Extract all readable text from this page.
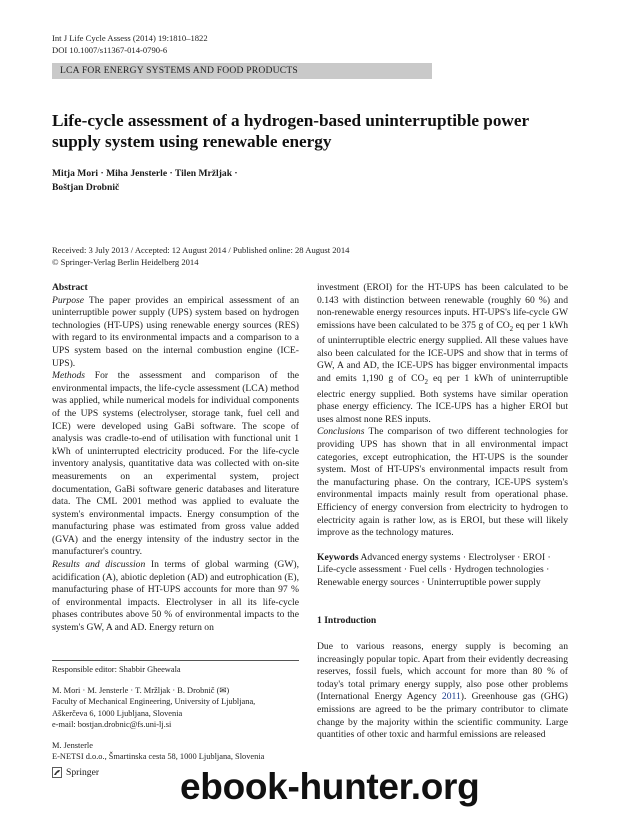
Int J Life Cycle Assess (2014) 19:1810–1822
DOI 10.1007/s11367-014-0790-6
LCA FOR ENERGY SYSTEMS AND FOOD PRODUCTS
Life-cycle assessment of a hydrogen-based uninterruptible power supply system using renewable energy
Mitja Mori · Miha Jensterle · Tilen Mržljak ·
Boštjan Drobnič
Received: 3 July 2013 / Accepted: 12 August 2014 / Published online: 28 August 2014
© Springer-Verlag Berlin Heidelberg 2014

Abstract

Purpose The paper provides an empirical assessment of an uninterruptible power supply (UPS) system based on hydrogen technologies (HT-UPS) using renewable energy sources (RES) with regard to its environmental impacts and a comparison to a UPS system based on the internal combustion engine (ICE-UPS).

Methods For the assessment and comparison of the environmental impacts, the life-cycle assessment (LCA) method was applied, while numerical models for individual components of the UPS systems (electrolyser, storage tank, fuel cell and ICE) were developed using GaBi software. The scope of analysis was cradle-to-end of utilisation with functional unit 1 kWh of uninterrupted electricity produced. For the life-cycle inventory analysis, quantitative data was collected with on-site measurements on an experimental system, project documentation, GaBi software generic databases and literature data. The CML 2001 method was applied to evaluate the system's environmental impacts. Energy consumption of the manufacturing phase was estimated from gross value added (GVA) and the energy intensity of the industry sector in the manufacturer's country.

Results and discussion In terms of global warming (GW), acidification (A), abiotic depletion (AD) and eutrophication (E), manufacturing phase of HT-UPS accounts for more than 97 % of environmental impacts. Electrolyser in all its life-cycle phases contributes above 50 % of environmental impacts to the system's GW, A and AD. Energy return on

investment (EROI) for the HT-UPS has been calculated to be 0.143 with distinction between renewable (roughly 60 %) and non-renewable energy resources inputs. HT-UPS's life-cycle GW emissions have been calculated to be 375 g of $CO_2$ eq per 1 kWh of uninterruptible electric energy supplied. All these values have also been calculated for the ICE-UPS and show that in terms of GW, A and AD, the ICE-UPS has bigger environmental impacts and emits 1,190 g of $CO_2$ eq per 1 kWh of uninterruptible electric energy supplied. Both systems have similar operation phase energy efficiency. The ICE-UPS has a higher EROI but uses almost none RES inputs.

Conclusions The comparison of two different technologies for providing UPS has shown that in all environmental impact categories, except eutrophication, the HT-UPS is the sounder system. Most of HT-UPS's environmental impacts result from the manufacturing phase. On the contrary, ICE-UPS system's environmental impacts mainly result from operational phase. Efficiency of energy conversion from electricity to hydrogen to electricity again is rather low, as is EROI, but these will likely improve as the technology matures.

Keywords Advanced energy systems · Electrolyser · EROI · Life-cycle assessment · Fuel cells · Hydrogen technologies · Renewable energy sources · Uninterruptible power supply

1 Introduction

Due to various reasons, energy supply is becoming an increasingly popular topic. Apart from their evidently decreasing reserves, fossil fuels, which account for more than 80 % of today's total primary energy supply, also pose other problems (International Energy Agency 2011). Greenhouse gas (GHG) emissions are agreed to be the primary contributor to climate change by the majority within the scientific community. Large quantities of other toxic and harmful emissions are released

Responsible editor: Shabbir Gheewala
M. Mori · M. Jensterle · T. Mržljak · B. Drobnič (✉)
Faculty of Mechanical Engineering, University of Ljubljana,
Aškerčeva 6, 1000 Ljubljana, Slovenia
e-mail: bostjan.drobnic@fs.uni-lj.si
M. Jensterle
E-NETSI d.o.o., Šmartinska cesta 58, 1000 Ljubljana, Slovenia
Springer ebook-hunter.org
